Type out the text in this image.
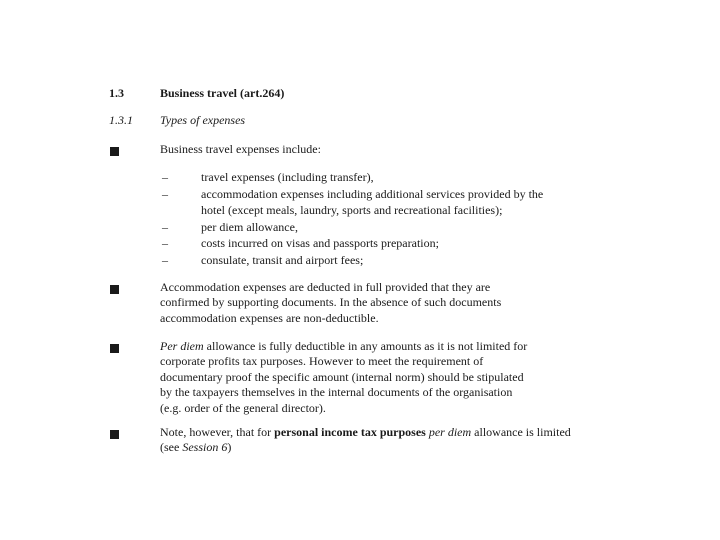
1.3	Business travel (art.264)
1.3.1 Types of expenses
Business travel expenses include:
–	travel expenses (including transfer),
–	accommodation expenses including additional services provided by the
hotel (except meals, laundry, sports and recreational facilities);
–	per diem allowance,
–	costs incurred on visas and passports preparation;
–	consulate, transit and airport fees;
Accommodation expenses are deducted in full provided that they are
confirmed by supporting documents. In the absence of such documents
accommodation expenses are non-deductible.
Per diem allowance is fully deductible in any amounts as it is not limited for
corporate profits tax purposes. However to meet the requirement of
documentary proof the specific amount (internal norm) should be stipulated
by the taxpayers themselves in the internal documents of the organisation
(e.g. order of the general director).
Note, however, that for personal income tax purposes per diem allowance is limited
(see Session 6)
